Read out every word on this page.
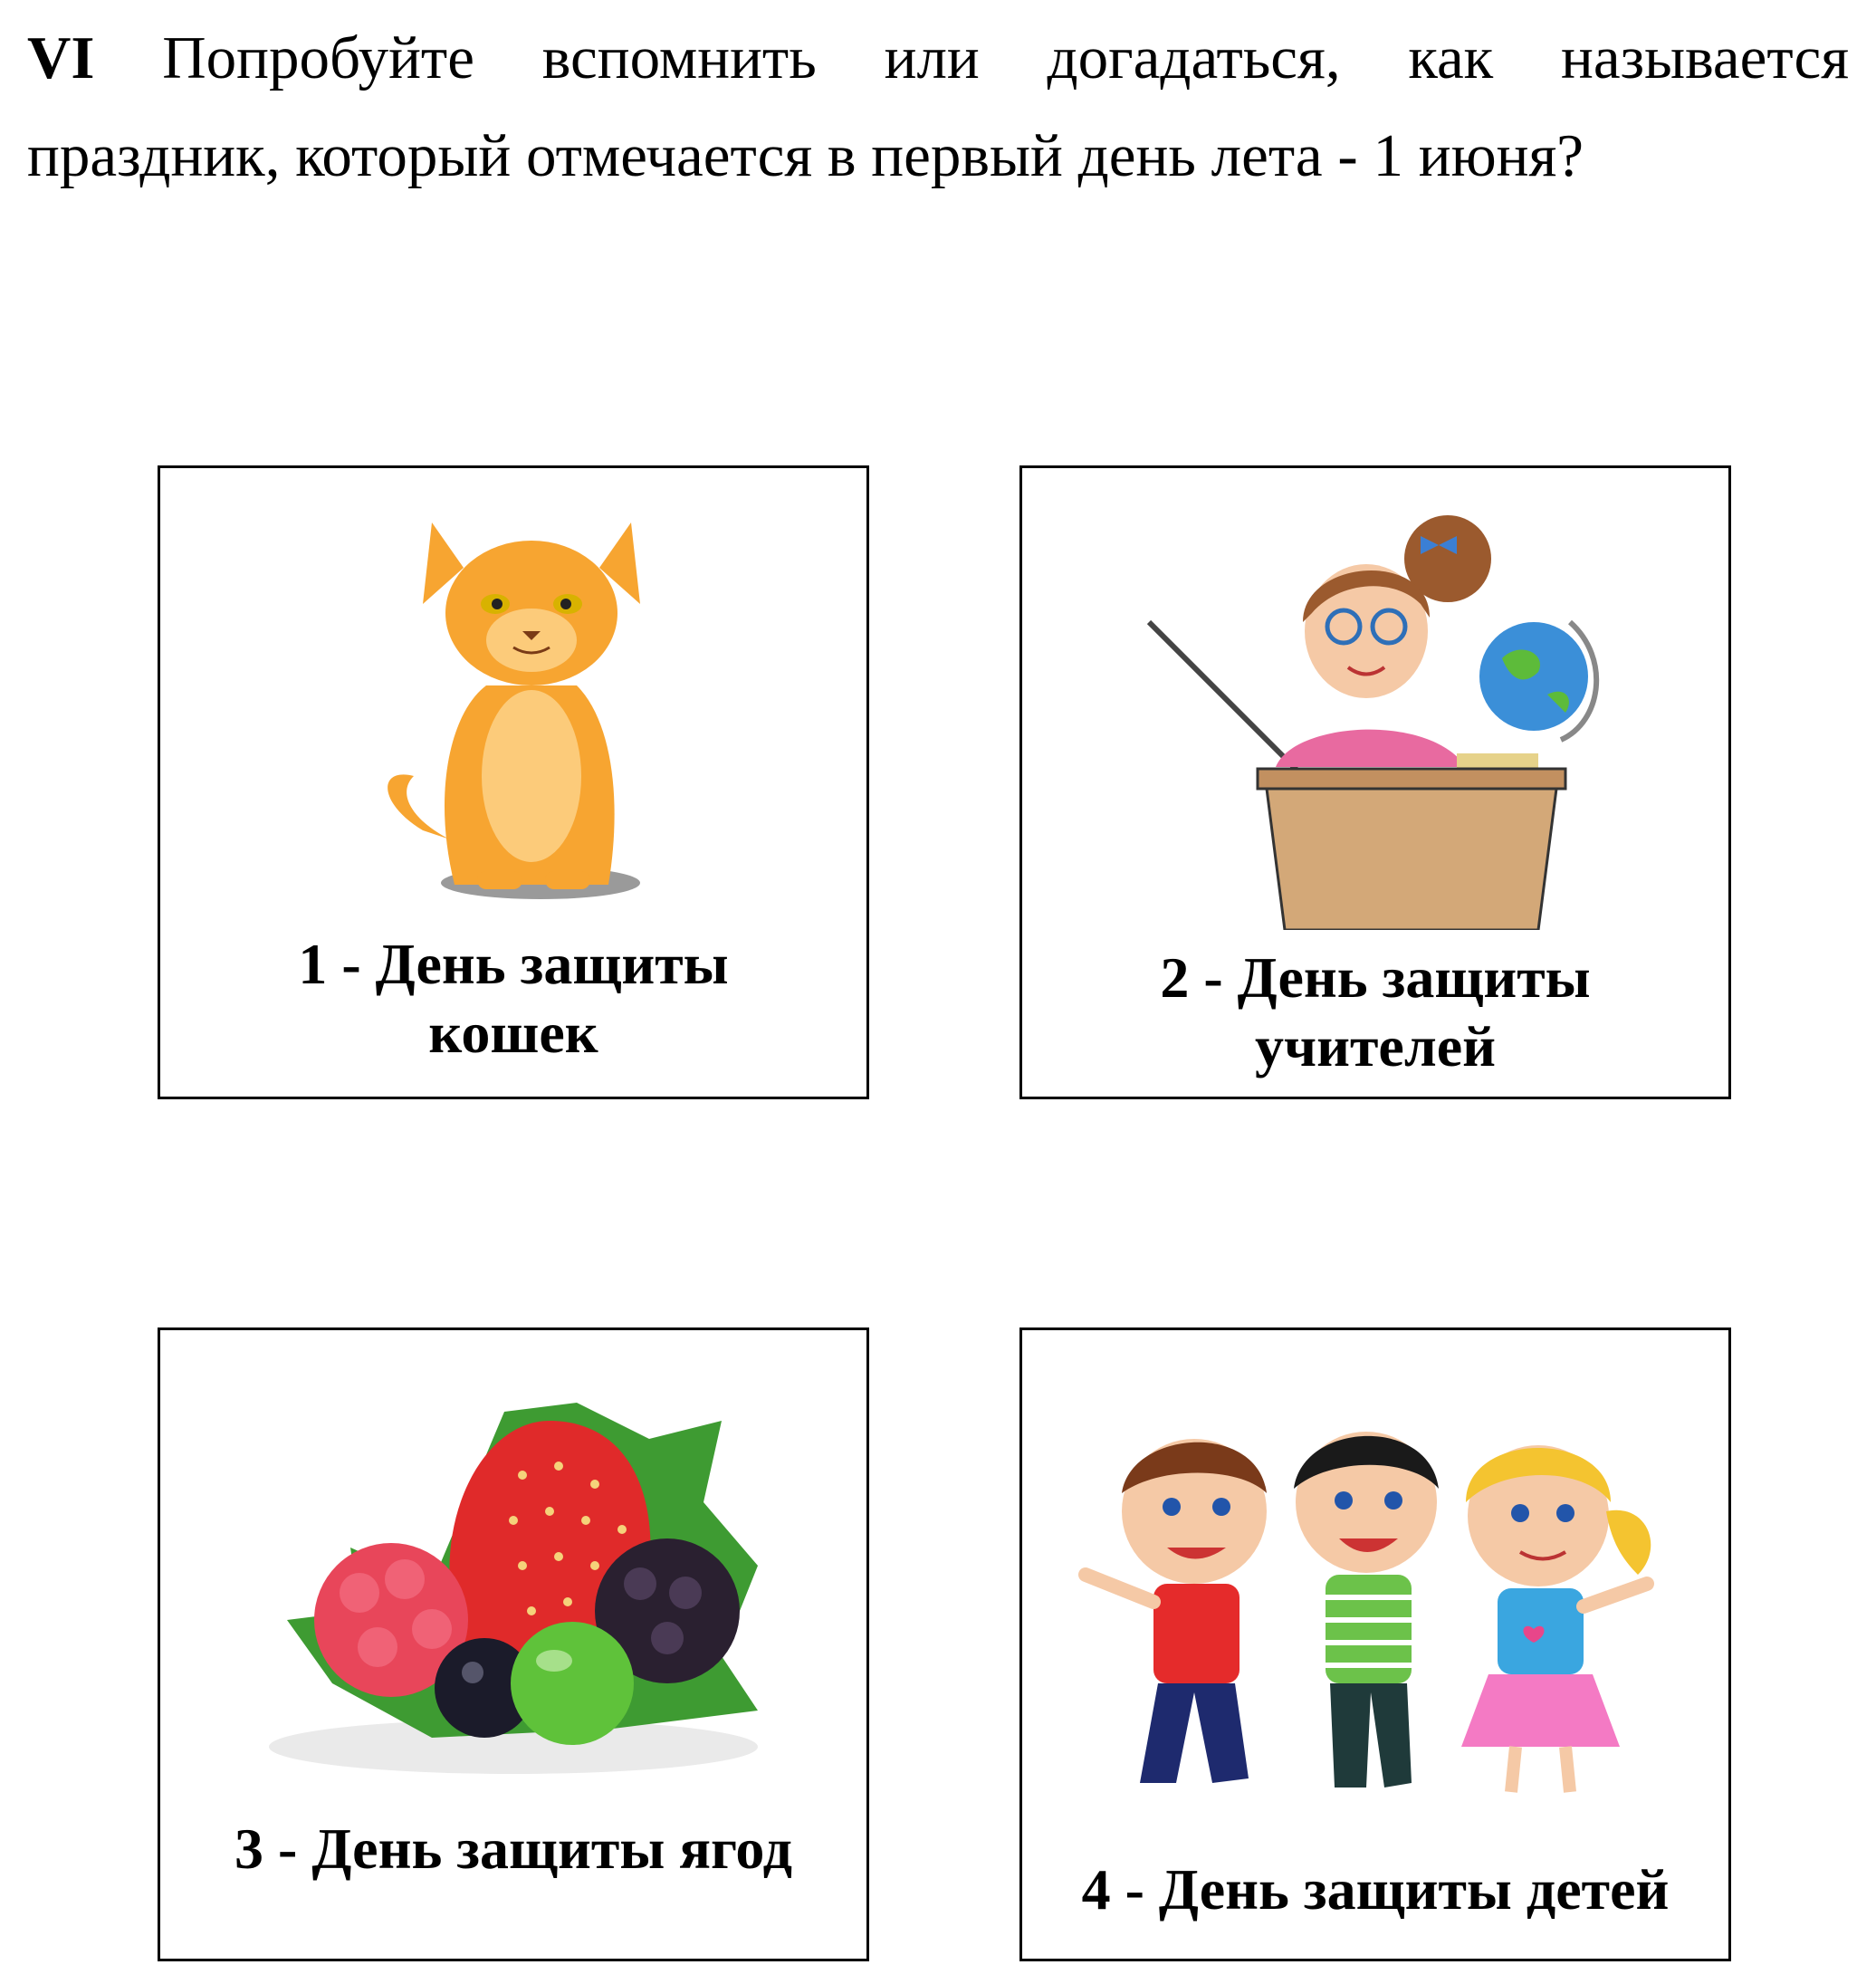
VI Попробуйте вспомнить или догадаться, как называется
праздник, который отмечается в первый день лета - 1 июня?
1 - День защиты
кошек
2 - День защиты
учителей
3 - День защиты ягод
4 - День защиты детей
